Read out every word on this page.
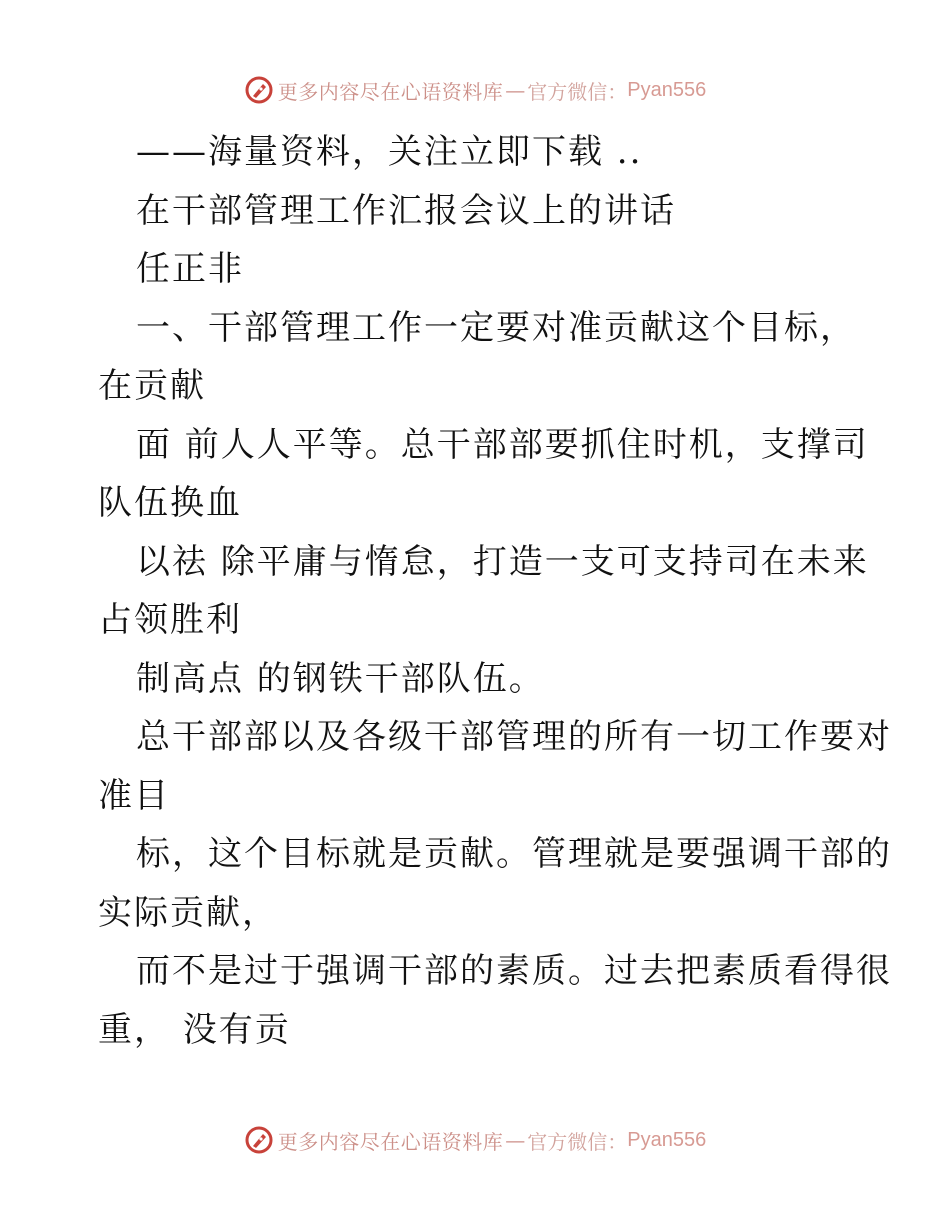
更多内容尽在心语资料库 — 官方微信： Pyan556
——海量资料，关注立即下载 ..
在干部管理工作汇报会议上的讲话
任正非
一、干部管理工作一定要对准贡献这个目标，
在贡献
面 前人人平等。总干部部要抓住时机，支撑司
队伍换血
以祛 除平庸与惰怠，打造一支可支持司在未来
占领胜利
制高点 的钢铁干部队伍。
总干部部以及各级干部管理的所有一切工作要对
准目
标，这个目标就是贡献。管理就是要强调干部的
实际贡献，
而不是过于强调干部的素质。过去把素质看得很
重， 没有贡
更多内容尽在心语资料库 — 官方微信： Pyan556
